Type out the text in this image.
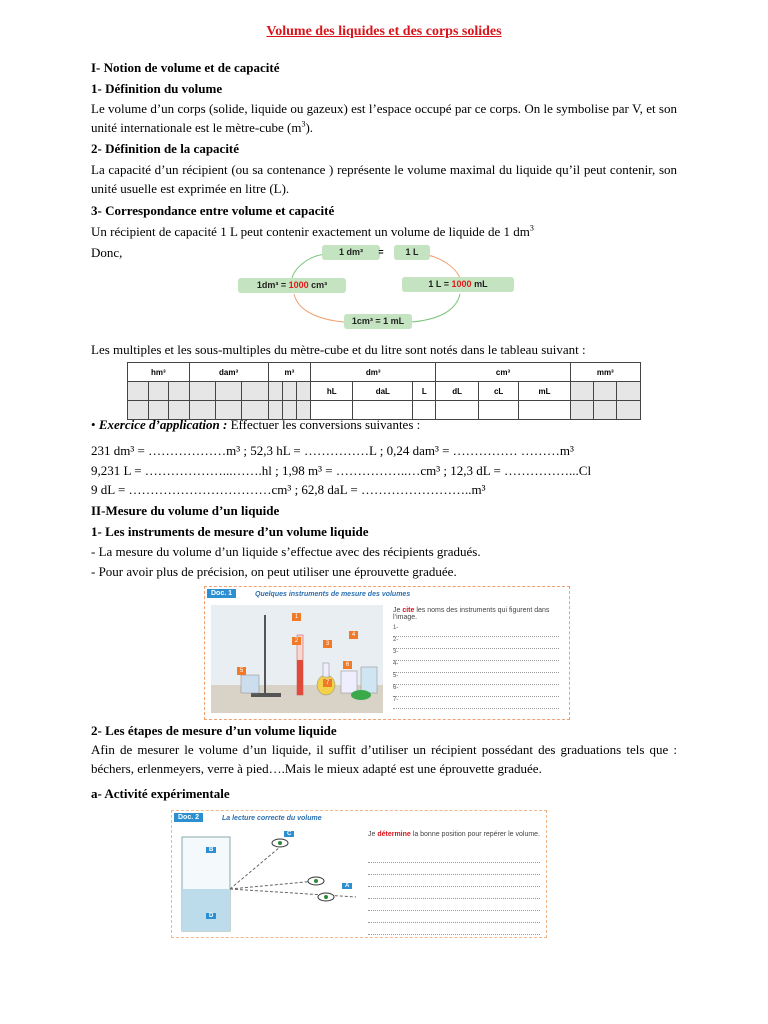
Volume des liquides et des corps solides
I- Notion de volume et de capacité
1- Définition du volume
Le volume d’un corps (solide, liquide ou gazeux) est l’espace occupé par ce corps. On le symbolise par V, et son unité internationale est le mètre-cube $(m^3)$.
2- Définition de la capacité
La capacité d’un récipient (ou sa contenance ) représente le volume maximal du liquide qu’il peut contenir, son unité usuelle est exprimée en litre (L).
3- Correspondance entre volume et capacité
Un récipient de capacité 1 L peut contenir exactement un volume de liquide de 1 $dm^3$
Donc,	1 dm³	=	1 L
1dm³ = 1000 cm³	1 L = 1000 mL
1cm³ = 1 mL
Les multiples et les sous-multiples du mètre-cube et du litre sont notés dans le tableau suivant :
hm³			dam³			m³			dm³			cm³			mm³		
									hL	daL	L	dL	cL	mL			

• Exercice d’application : Effectuer les conversions suivantes :
231 dm³ = ………………m³ ; 52,3 hL = ……………L ; 0,24 dam³ = …………… ………m³
9,231 L = ………………...…….hl ; 1,98 m³ = ……………..…cm³ ; 12,3 dL = ……………...Cl
9 dL = ……………………………cm³ ; 62,8 daL = ……………………..m³
II-Mesure du volume d’un liquide
1- Les instruments de mesure d’un volume liquide
- La mesure du volume d’un liquide s’effectue avec des récipients gradués.
- Pour avoir plus de précision, on peut utiliser une éprouvette graduée.
Doc. 1	Quelques instruments de mesure des volumes
1
2	3
4
5
6
7
Je cite les noms des instruments qui figurent dans l’image.
1-
2-
3-
4-
5-
6-
7-
2- Les étapes de mesure d’un volume liquide
Afin de mesurer le volume d’un liquide, il suffit d’utiliser un récipient possédant des graduations tels que : béchers, erlenmeyers, verre à pied….Mais le mieux adapté est une éprouvette graduée.
a- Activité expérimentale
Doc. 2	La lecture correcte du volume
B
C
A
D
Je détermine la bonne position pour repérer le volume.
